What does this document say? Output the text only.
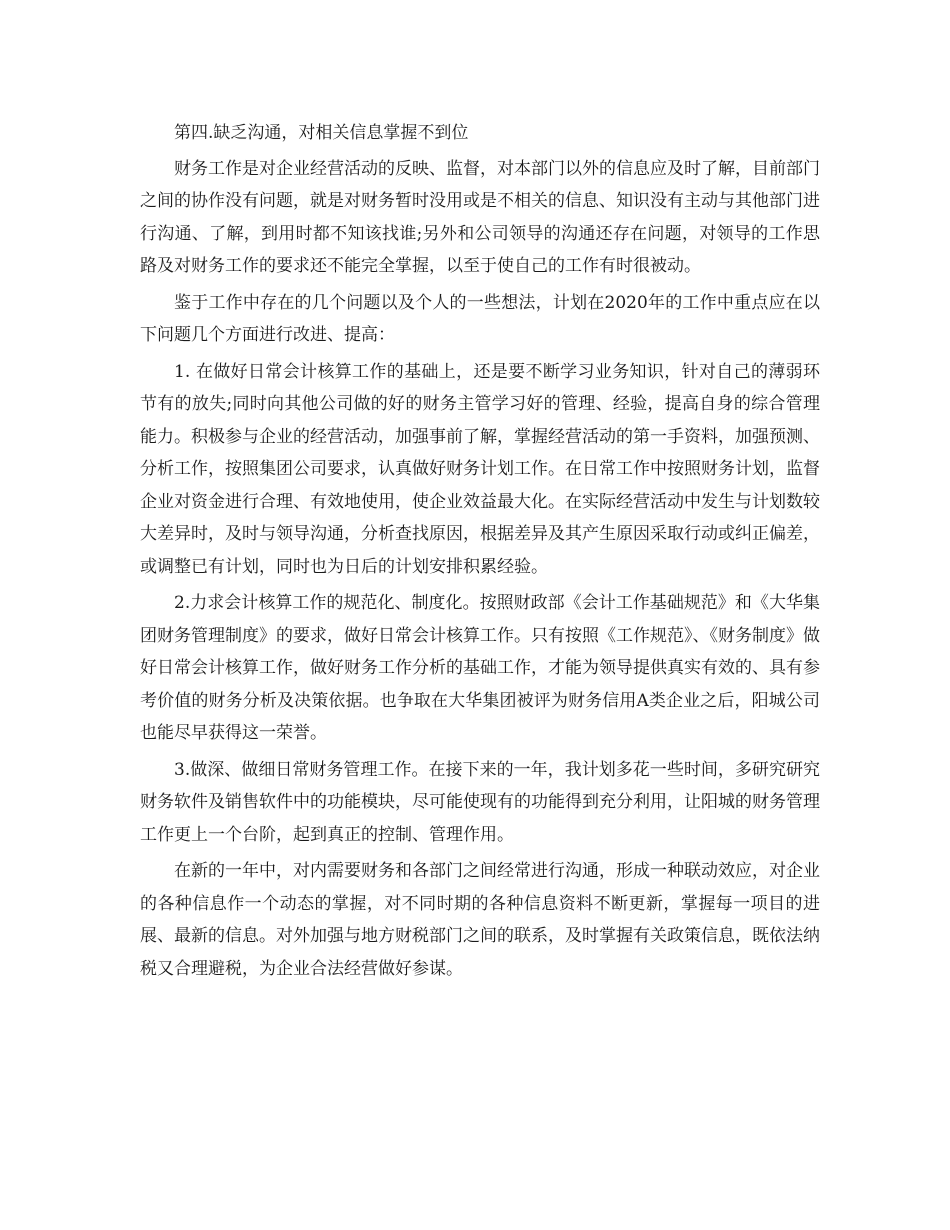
第四.缺乏沟通，对相关信息掌握不到位

财务工作是对企业经营活动的反映、监督，对本部门以外的信息应及时了解，目前部门之间的协作没有问题，就是对财务暂时没用或是不相关的信息、知识没有主动与其他部门进行沟通、了解，到用时都不知该找谁;另外和公司领导的沟通还存在问题，对领导的工作思路及对财务工作的要求还不能完全掌握，以至于使自己的工作有时很被动。

鉴于工作中存在的几个问题以及个人的一些想法，计划在2020年的工作中重点应在以下问题几个方面进行改进、提高：

1. 在做好日常会计核算工作的基础上，还是要不断学习业务知识，针对自己的薄弱环节有的放失;同时向其他公司做的好的财务主管学习好的管理、经验，提高自身的综合管理能力。积极参与企业的经营活动，加强事前了解，掌握经营活动的第一手资料，加强预测、分析工作，按照集团公司要求，认真做好财务计划工作。在日常工作中按照财务计划，监督企业对资金进行合理、有效地使用，使企业效益最大化。在实际经营活动中发生与计划数较大差异时，及时与领导沟通，分析查找原因，根据差异及其产生原因采取行动或纠正偏差，或调整已有计划，同时也为日后的计划安排积累经验。

2.力求会计核算工作的规范化、制度化。按照财政部《会计工作基础规范》和《大华集团财务管理制度》的要求，做好日常会计核算工作。只有按照《工作规范》、《财务制度》做好日常会计核算工作，做好财务工作分析的基础工作，才能为领导提供真实有效的、具有参考价值的财务分析及决策依据。也争取在大华集团被评为财务信用A类企业之后，阳城公司也能尽早获得这一荣誉。

3.做深、做细日常财务管理工作。在接下来的一年，我计划多花一些时间，多研究研究财务软件及销售软件中的功能模块，尽可能使现有的功能得到充分利用，让阳城的财务管理工作更上一个台阶，起到真正的控制、管理作用。

在新的一年中，对内需要财务和各部门之间经常进行沟通，形成一种联动效应，对企业的各种信息作一个动态的掌握，对不同时期的各种信息资料不断更新，掌握每一项目的进展、最新的信息。对外加强与地方财税部门之间的联系，及时掌握有关政策信息，既依法纳税又合理避税，为企业合法经营做好参谋。
